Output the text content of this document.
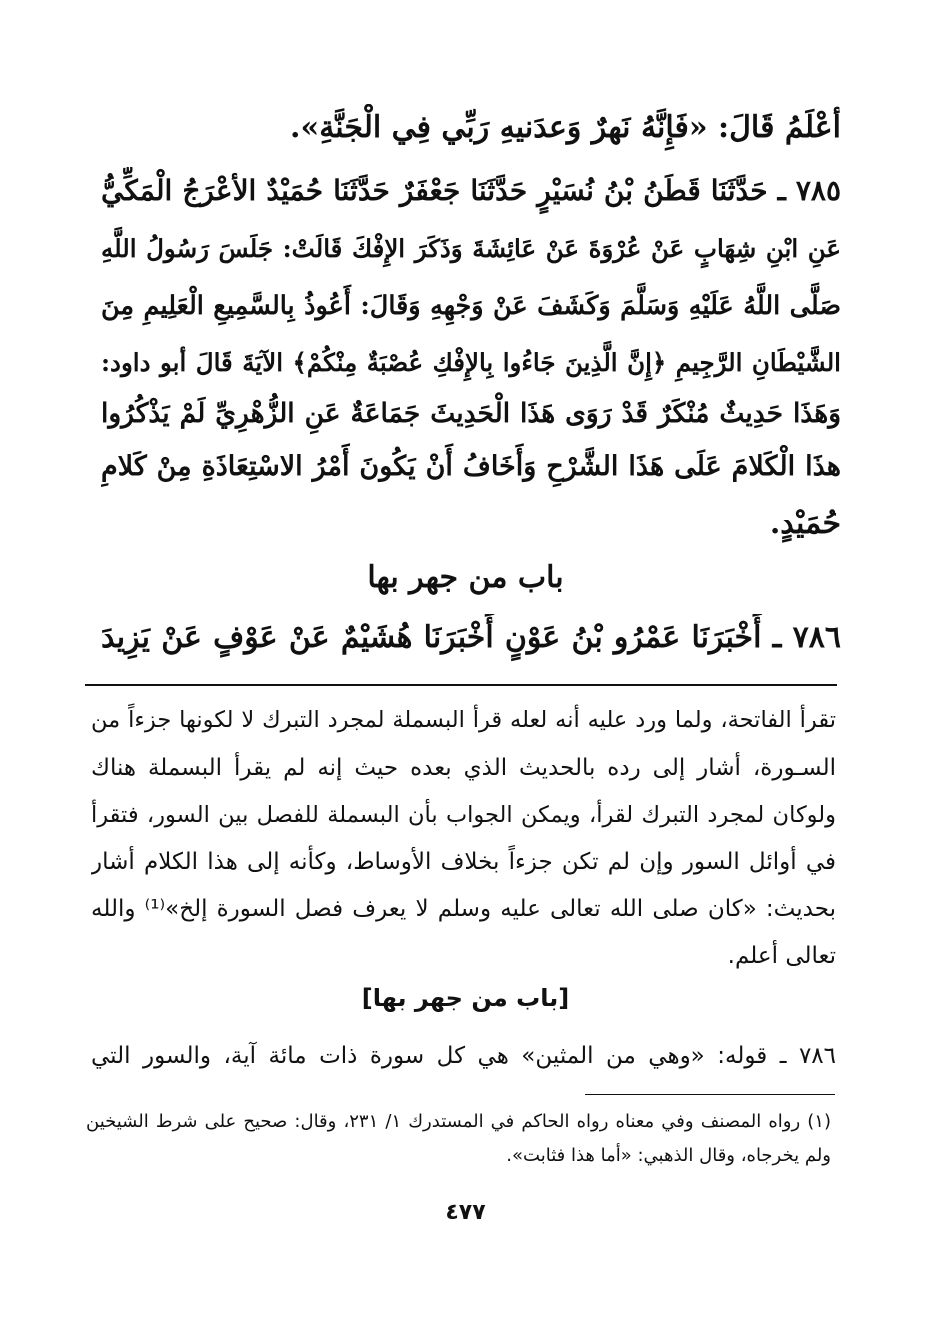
أعْلَمُ قَالَ: «فَإِنَّهُ نَهرٌ وَعدَنيهِ رَبِّي فِي الْجَنَّةِ».
٧٨٥ ـ حَدَّثَنَا قَطَنُ بْنُ نُسَيْرٍ حَدَّثَنَا جَعْفَرٌ حَدَّثَنَا حُمَيْدٌ الأعْرَجُ الْمَكِّيُّ
عَنِ ابْنِ شِهَابٍ عَنْ عُرْوَةَ عَنْ عَائِشَةَ وَذَكَرَ الإِفْكَ قَالَتْ: جَلَسَ رَسُولُ اللَّهِ
صَلَّى اللَّهُ عَلَيْهِ وَسَلَّمَ وَكَشَفَ عَنْ وَجْهِهِ وَقَالَ: أَعُوذُ بِالسَّمِيعِ الْعَلِيمِ مِنَ
الشَّيْطَانِ الرَّجِيمِ ﴿إِنَّ الَّذِينَ جَاءُوا بِالإِفْكِ عُصْبَةٌ مِنْكُمْ﴾ الآيَةَ قَالَ أبو داود:
وَهَذَا حَدِيثٌ مُنْكَرٌ قَدْ رَوَى هَذَا الْحَدِيثَ جَمَاعَةٌ عَنِ الزُّهْرِيِّ لَمْ يَذْكُرُوا
هذَا الْكَلامَ عَلَى هَذَا الشَّرْحِ وَأَخَافُ أَنْ يَكُونَ أَمْرُ الاسْتِعَاذَةِ مِنْ كَلامِ
حُمَيْدٍ.
باب من جهر بها
٧٨٦ ـ أَخْبَرَنَا عَمْرُو بْنُ عَوْنٍ أَخْبَرَنَا هُشَيْمٌ عَنْ عَوْفٍ عَنْ يَزِيدَ
تقرأ الفاتحة، ولما ورد عليه أنه لعله قرأ البسملة لمجرد التبرك لا لكونها جزءاً من
السـورة، أشار إلى رده بالحديث الذي بعده حيث إنه لم يقرأ البسملة هناك
ولوكان لمجرد التبرك لقرأ، ويمكن الجواب بأن البسملة للفصل بين السور، فتقرأ
في أوائل السور وإن لم تكن جزءاً بخلاف الأوساط، وكأنه إلى هذا الكلام أشار
بحديث: «كان صلى الله تعالى عليه وسلم لا يعرف فصل السورة إلخ»⁽¹⁾ والله
تعالى أعلم.
[باب من جهر بها]
٧٨٦ ـ قوله: «وهي من المثين» هي كل سورة ذات مائة آية، والسور التي
(١) رواه المصنف وفي معناه رواه الحاكم في المستدرك ١/ ٢٣١، وقال: صحيح على شرط الشيخين
ولم يخرجاه، وقال الذهبي: «أما هذا فثابت».
٤٧٧
